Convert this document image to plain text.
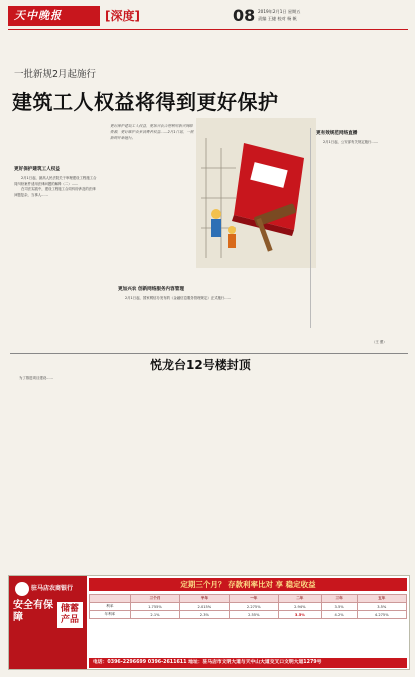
天中晚报	[深度]	08 2019年2月1日 星期五
责编 王捷 校对 杨 帆
一批新规2月起施行
建筑工人权益将得到更好保护
更好保护建筑工人权益，更加兴农合理利用新兴网络资源，更好维护众多消费者权益……2月1日起，一批新规开始施行。
更好保护建筑工人权益

2月1日起，最高人民法院关于审理建设工程施工合同纠纷案件适用法律问题的解释（二）……

在司法实践中，建设工程施工合同纠纷涉及的法律问题复杂，当事人……

更加兴农 创新网络服务内容管理

2月1日起，国家网信办发布的《金融信息服务管理规定》正式施行……

更有效规范网络直播

2月1日起，公安部有关规定施行……

（王 蕾）
悦龙台12号楼封顶

为了推进项目建设……

驻马店农商银行
安全有保障
储蓄产品
定期三个月？ 存款利率比对 享 稳定收益
	三个月	半年	一年	二年	三年	五年
利率	1.755%	2.015%	2.275%	2.94%	3.5%	3.5%
年利率	2.1%	2.3%	2.55%	3.5%	4.2%	4.275%
电话：0396-2296699 0396-2611611 地址：驻马店市文明大道与天中山大道交叉口文明大道1279号
